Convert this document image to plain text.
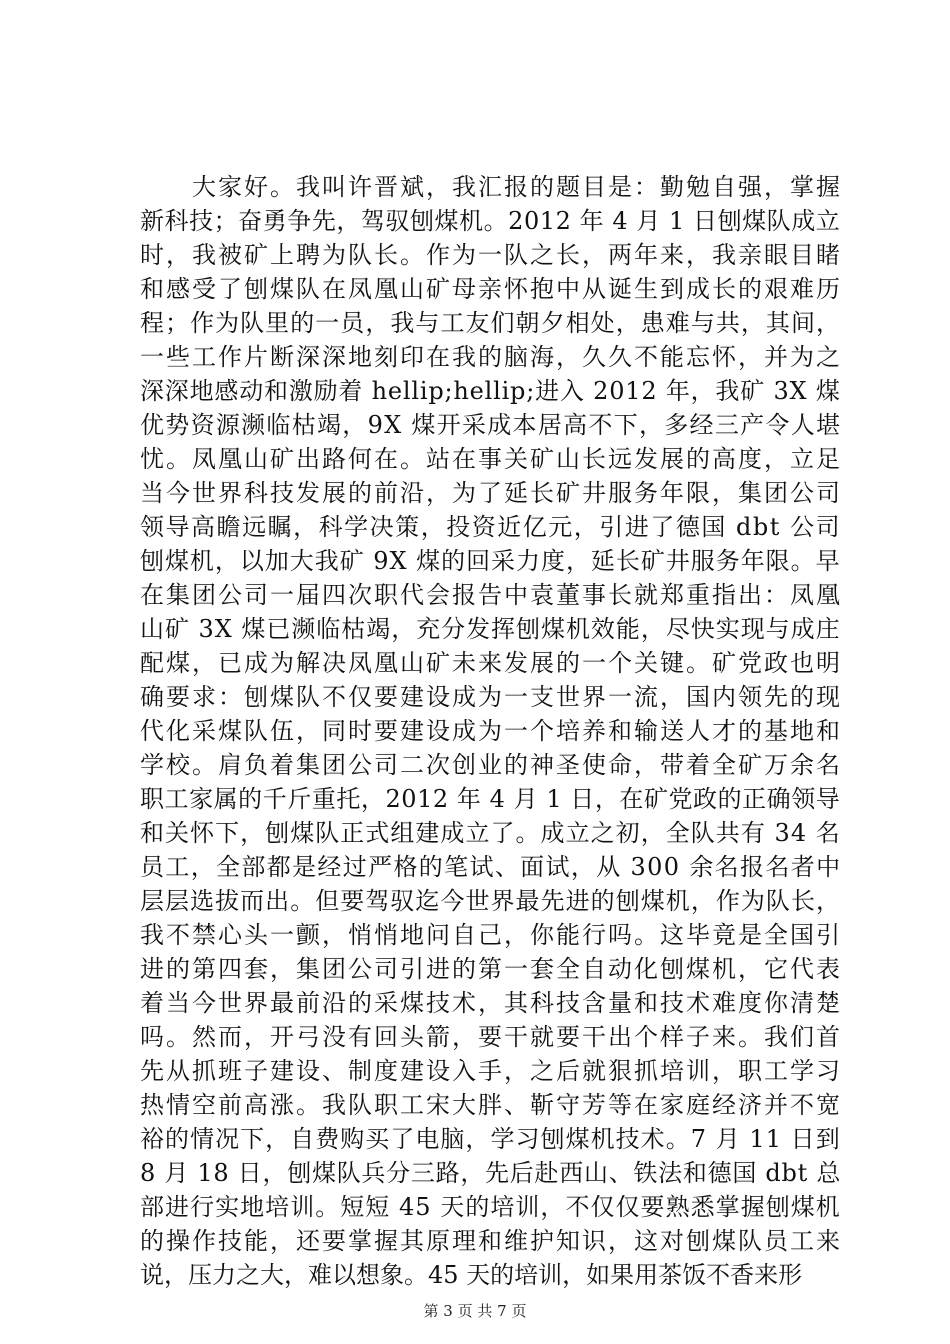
　　大家好。我叫许晋斌，我汇报的题目是：勤勉自强，掌握
新科技；奋勇争先，驾驭刨煤机。2012 年 4 月 1 日刨煤队成立
时，我被矿上聘为队长。作为一队之长，两年来，我亲眼目睹
和感受了刨煤队在凤凰山矿母亲怀抱中从诞生到成长的艰难历
程；作为队里的一员，我与工友们朝夕相处，患难与共，其间，
一些工作片断深深地刻印在我的脑海，久久不能忘怀，并为之
深深地感动和激励着 hellip;hellip;进入 2012 年，我矿 3X 煤
优势资源濒临枯竭，9X 煤开采成本居高不下，多经三产令人堪
忧。凤凰山矿出路何在。站在事关矿山长远发展的高度，立足
当今世界科技发展的前沿，为了延长矿井服务年限，集团公司
领导高瞻远瞩，科学决策，投资近亿元，引进了德国 dbt 公司
刨煤机，以加大我矿 9X 煤的回采力度，延长矿井服务年限。早
在集团公司一届四次职代会报告中袁董事长就郑重指出：凤凰
山矿 3X 煤已濒临枯竭，充分发挥刨煤机效能，尽快实现与成庄
配煤，已成为解决凤凰山矿未来发展的一个关键。矿党政也明
确要求：刨煤队不仅要建设成为一支世界一流，国内领先的现
代化采煤队伍，同时要建设成为一个培养和输送人才的基地和
学校。肩负着集团公司二次创业的神圣使命，带着全矿万余名
职工家属的千斤重托，2012 年 4 月 1 日，在矿党政的正确领导
和关怀下，刨煤队正式组建成立了。成立之初，全队共有 34 名
员工，全部都是经过严格的笔试、面试，从 300 余名报名者中
层层选拔而出。但要驾驭迄今世界最先进的刨煤机，作为队长，
我不禁心头一颤，悄悄地问自己，你能行吗。这毕竟是全国引
进的第四套，集团公司引进的第一套全自动化刨煤机，它代表
着当今世界最前沿的采煤技术，其科技含量和技术难度你清楚
吗。然而，开弓没有回头箭，要干就要干出个样子来。我们首
先从抓班子建设、制度建设入手，之后就狠抓培训，职工学习
热情空前高涨。我队职工宋大胖、靳守芳等在家庭经济并不宽
裕的情况下，自费购买了电脑，学习刨煤机技术。7 月 11 日到
8 月 18 日，刨煤队兵分三路，先后赴西山、铁法和德国 dbt 总
部进行实地培训。短短 45 天的培训，不仅仅要熟悉掌握刨煤机
的操作技能，还要掌握其原理和维护知识，这对刨煤队员工来
说，压力之大，难以想象。45 天的培训，如果用茶饭不香来形
第 3 页 共 7 页
